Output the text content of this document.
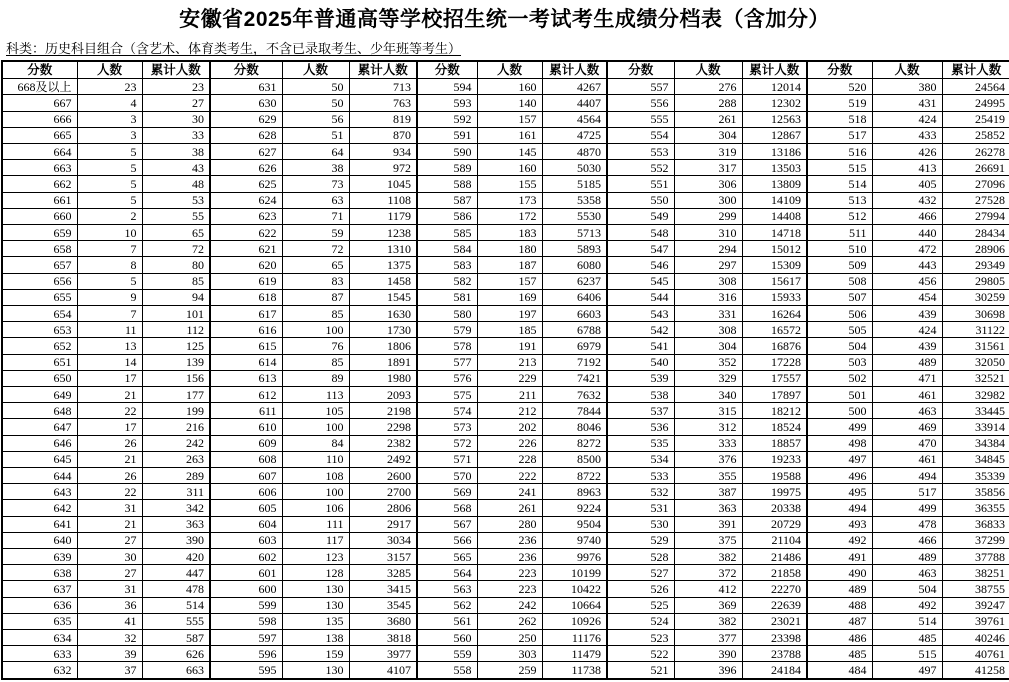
安徽省2025年普通高等学校招生统一考试考生成绩分档表（含加分）
科类：历史科目组合（含艺术、体育类考生，不含已录取考生、少年班等考生）
分数	人数	累计人数	分数	人数	累计人数	分数	人数	累计人数	分数	人数	累计人数	分数	人数	累计人数
668及以上	23	23	631	50	713	594	160	4267	557	276	12014	520	380	24564
667	4	27	630	50	763	593	140	4407	556	288	12302	519	431	24995
666	3	30	629	56	819	592	157	4564	555	261	12563	518	424	25419
665	3	33	628	51	870	591	161	4725	554	304	12867	517	433	25852
664	5	38	627	64	934	590	145	4870	553	319	13186	516	426	26278
663	5	43	626	38	972	589	160	5030	552	317	13503	515	413	26691
662	5	48	625	73	1045	588	155	5185	551	306	13809	514	405	27096
661	5	53	624	63	1108	587	173	5358	550	300	14109	513	432	27528
660	2	55	623	71	1179	586	172	5530	549	299	14408	512	466	27994
659	10	65	622	59	1238	585	183	5713	548	310	14718	511	440	28434
658	7	72	621	72	1310	584	180	5893	547	294	15012	510	472	28906
657	8	80	620	65	1375	583	187	6080	546	297	15309	509	443	29349
656	5	85	619	83	1458	582	157	6237	545	308	15617	508	456	29805
655	9	94	618	87	1545	581	169	6406	544	316	15933	507	454	30259
654	7	101	617	85	1630	580	197	6603	543	331	16264	506	439	30698
653	11	112	616	100	1730	579	185	6788	542	308	16572	505	424	31122
652	13	125	615	76	1806	578	191	6979	541	304	16876	504	439	31561
651	14	139	614	85	1891	577	213	7192	540	352	17228	503	489	32050
650	17	156	613	89	1980	576	229	7421	539	329	17557	502	471	32521
649	21	177	612	113	2093	575	211	7632	538	340	17897	501	461	32982
648	22	199	611	105	2198	574	212	7844	537	315	18212	500	463	33445
647	17	216	610	100	2298	573	202	8046	536	312	18524	499	469	33914
646	26	242	609	84	2382	572	226	8272	535	333	18857	498	470	34384
645	21	263	608	110	2492	571	228	8500	534	376	19233	497	461	34845
644	26	289	607	108	2600	570	222	8722	533	355	19588	496	494	35339
643	22	311	606	100	2700	569	241	8963	532	387	19975	495	517	35856
642	31	342	605	106	2806	568	261	9224	531	363	20338	494	499	36355
641	21	363	604	111	2917	567	280	9504	530	391	20729	493	478	36833
640	27	390	603	117	3034	566	236	9740	529	375	21104	492	466	37299
639	30	420	602	123	3157	565	236	9976	528	382	21486	491	489	37788
638	27	447	601	128	3285	564	223	10199	527	372	21858	490	463	38251
637	31	478	600	130	3415	563	223	10422	526	412	22270	489	504	38755
636	36	514	599	130	3545	562	242	10664	525	369	22639	488	492	39247
635	41	555	598	135	3680	561	262	10926	524	382	23021	487	514	39761
634	32	587	597	138	3818	560	250	11176	523	377	23398	486	485	40246
633	39	626	596	159	3977	559	303	11479	522	390	23788	485	515	40761
632	37	663	595	130	4107	558	259	11738	521	396	24184	484	497	41258
